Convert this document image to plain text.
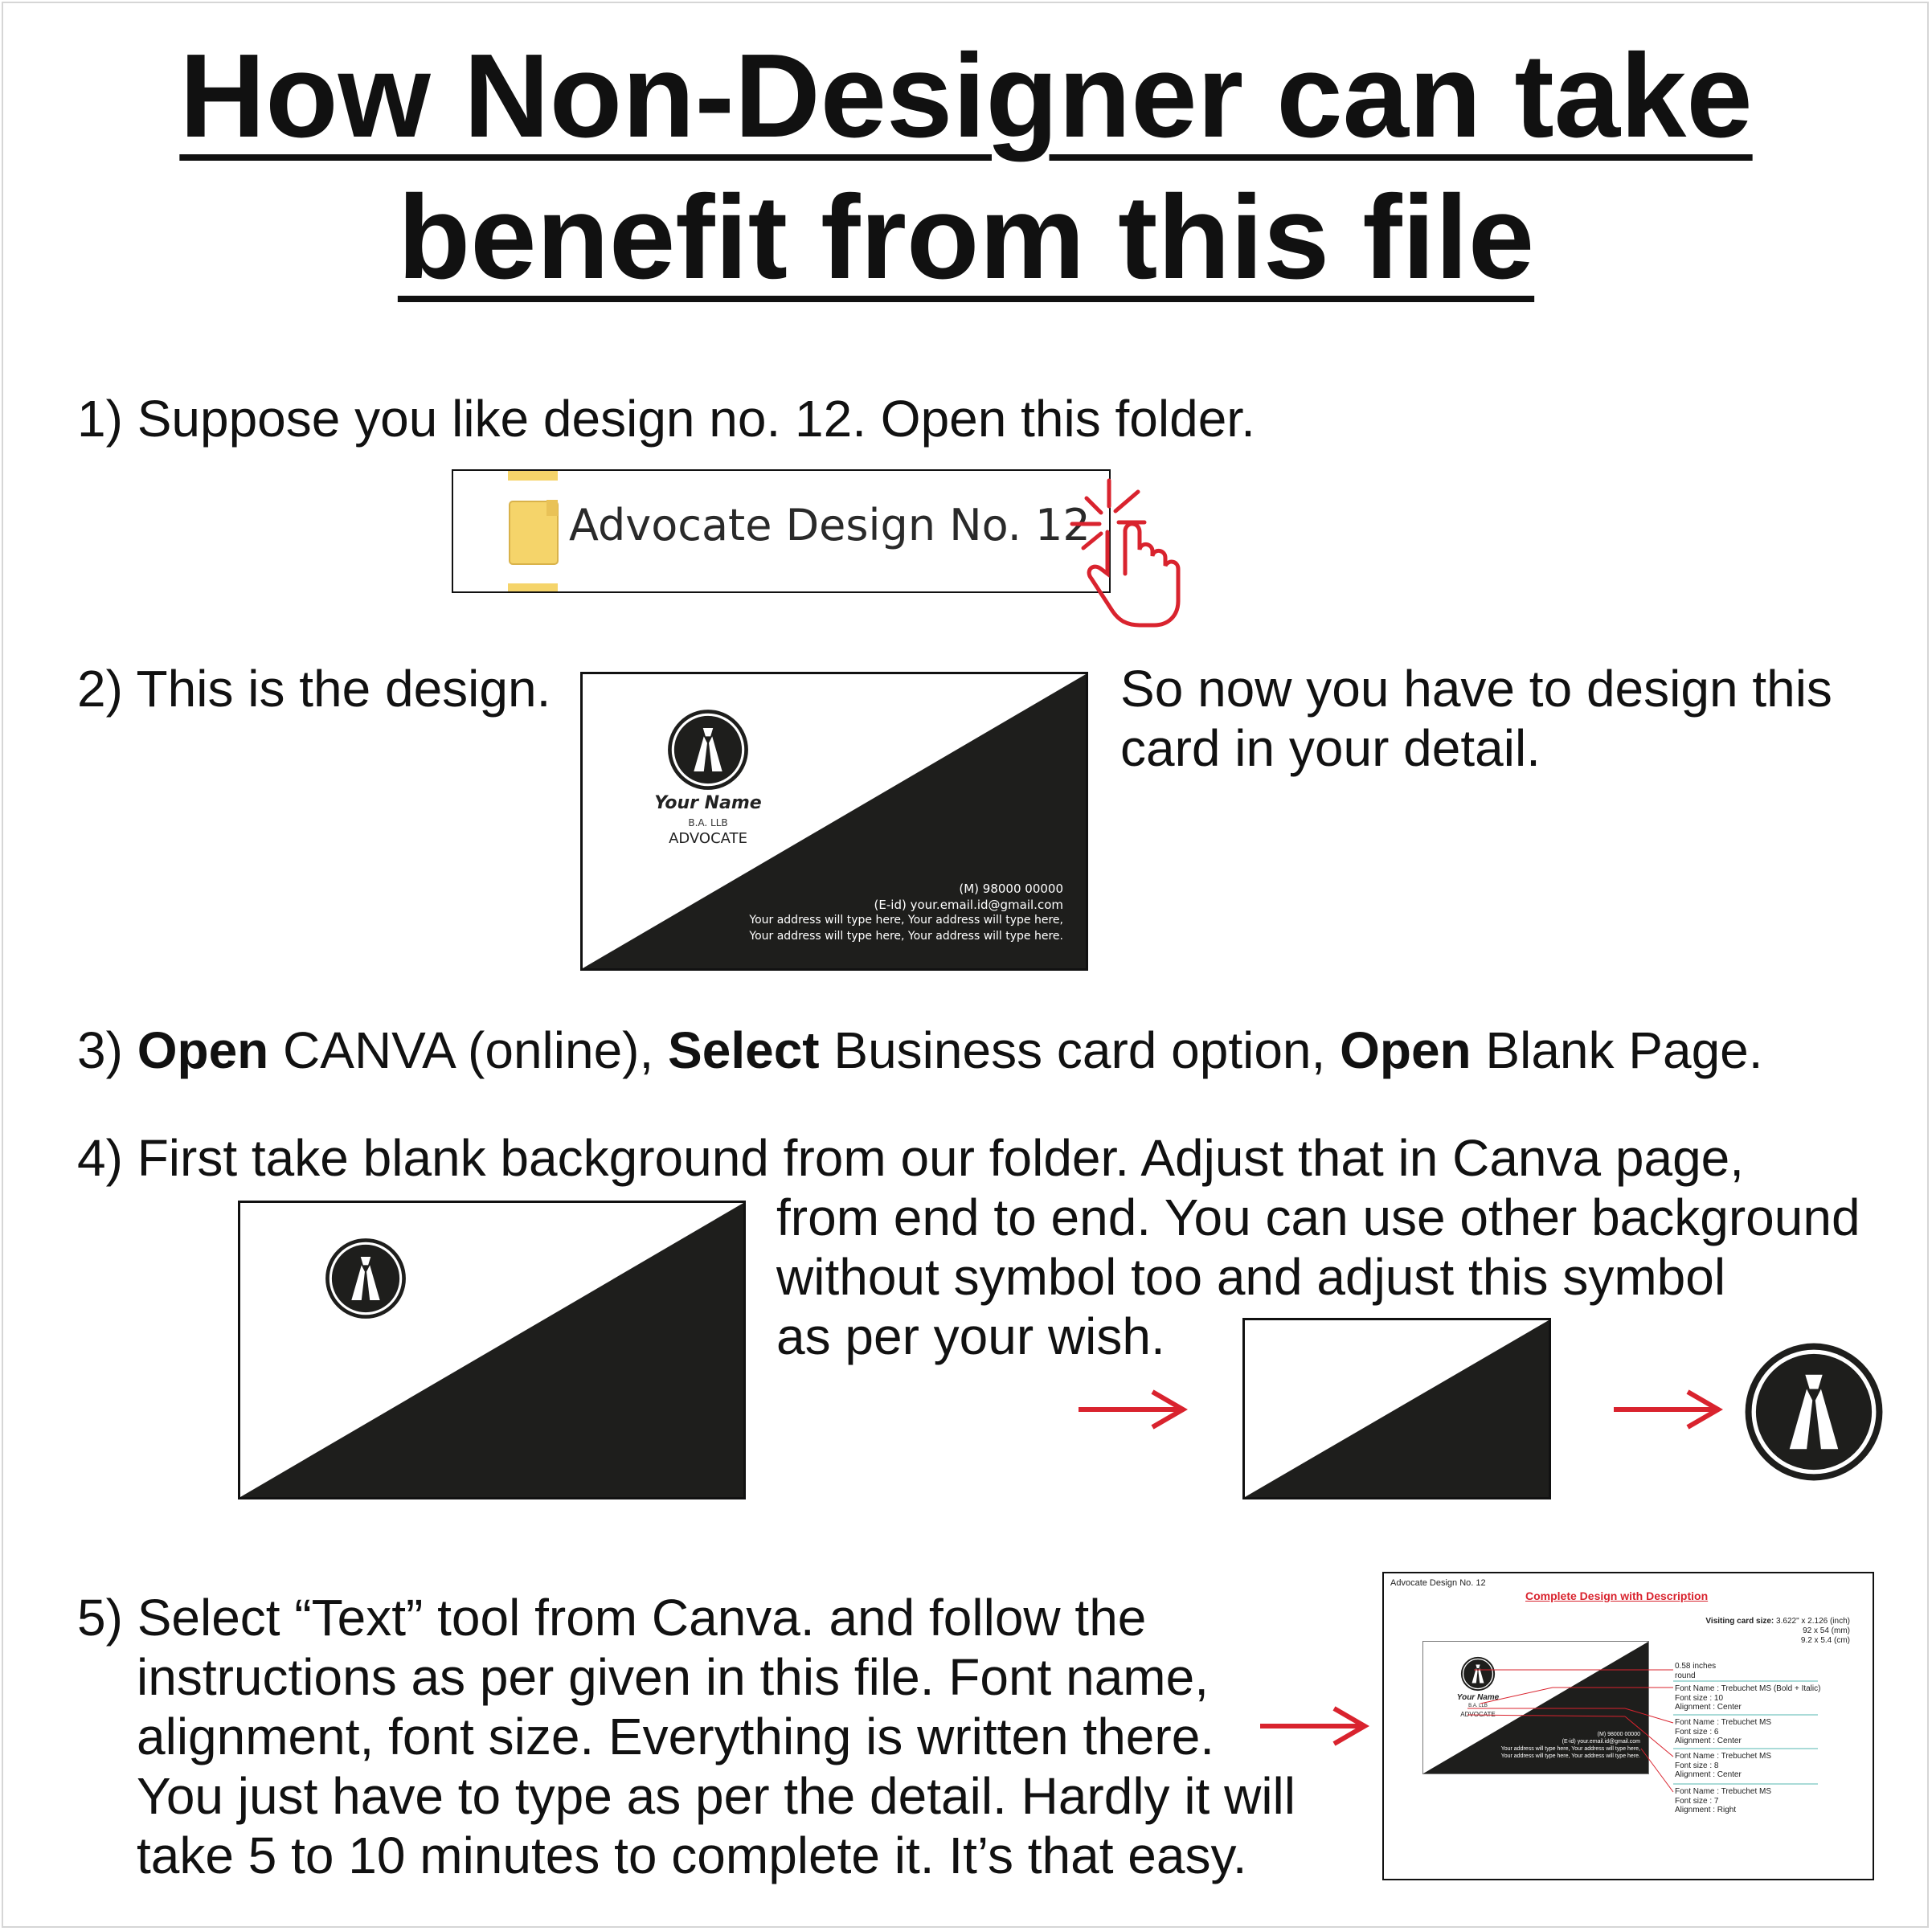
How Non-Designer can take
benefit from this file
1) Suppose you like design no. 12. Open this folder.
Advocate Design No. 12
2) This is the design.	So now you have to design this
card in your detail.
Your Name
B.A. LLB
ADVOCATE
(M) 98000 00000
(E-id) your.email.id@gmail.com
Your address will type here, Your address will type here,
Your address will type here, Your address will type here.
3) Open CANVA (online), Select Business card option, Open Blank Page.
4) First take blank background from our folder. Adjust that in Canva page,
from end to end. You can use other background
without symbol too and adjust this symbol
as per your wish.
5) Select “Text” tool from Canva. and follow the
instructions as per given in this file. Font name,
alignment, font size. Everything is written there.
You just have to type as per the detail. Hardly it will
take 5 to 10 minutes to complete it. It’s that easy.
Advocate Design No. 12
Complete Design with Description
Visiting card size: 3.622" x 2.126 (inch)
92 x 54 (mm)
9.2 x 5.4 (cm)
Your Name
B.A. LLB
ADVOCATE
(M) 98000 00000
(E-id) your.email.id@gmail.com
Your address will type here, Your address will type here,
Your address will type here, Your address will type here.
0.58 inches
round
Font Name : Trebuchet MS (Bold + Italic)
Font size : 10
Alignment : Center
Font Name : Trebuchet MS
Font size : 6
Alignment : Center
Font Name : Trebuchet MS
Font size : 8
Alignment : Center
Font Name : Trebuchet MS
Font size : 7
Alignment : Right
